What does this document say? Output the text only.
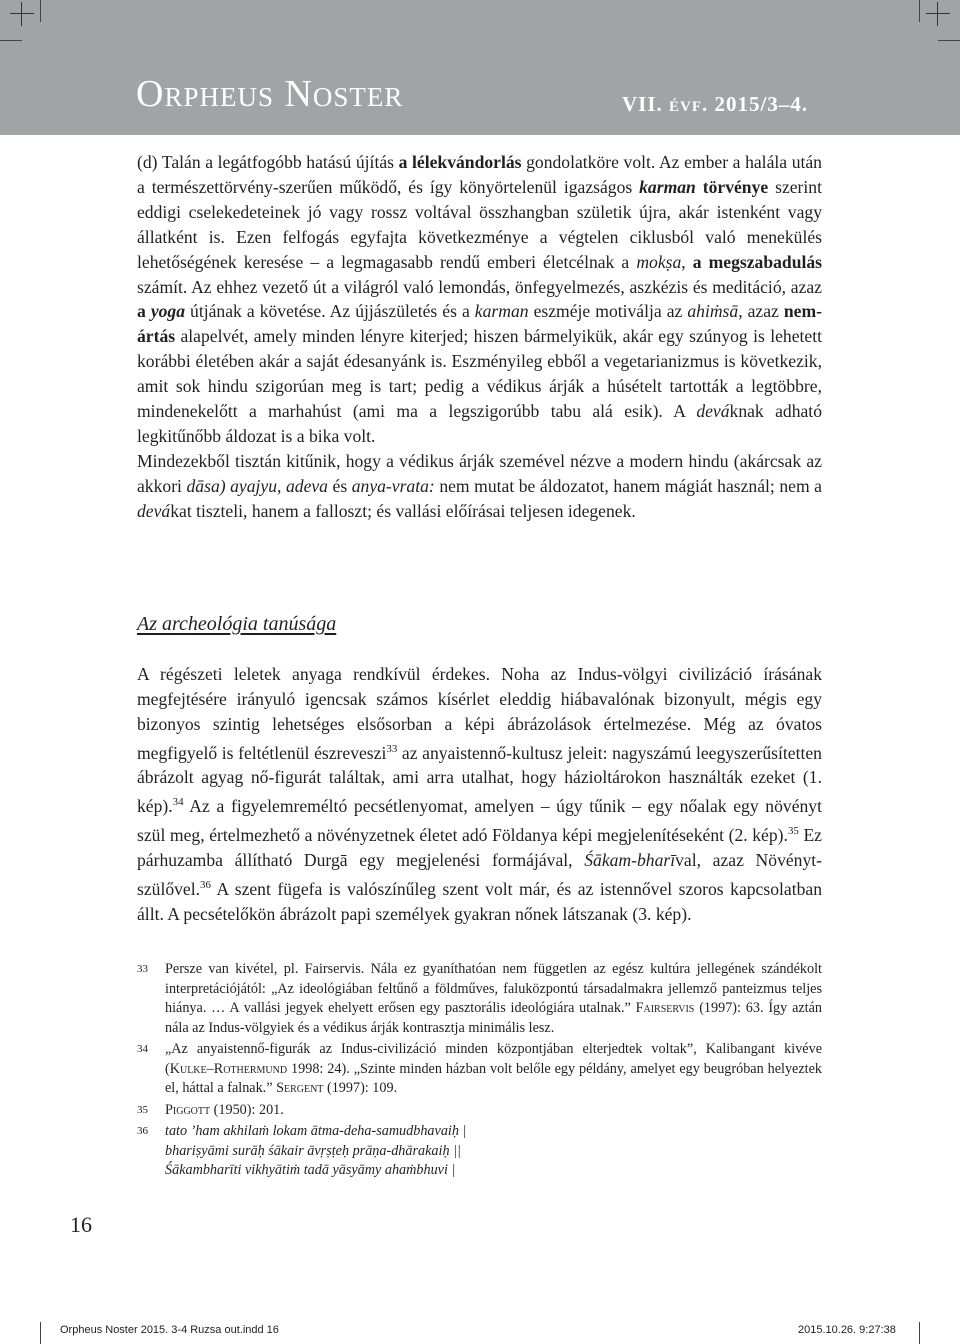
Orpheus Noster	VII. évf. 2015/3–4.

(d) Talán a legátfogóbb hatású újítás a lélekvándorlás gondolatköre volt. Az ember a halála után a természettörvény-szerűen működő, és így könyörtelenül igazságos karman törvénye szerint eddigi cselekedeteinek jó vagy rossz voltával összhangban születik újra, akár istenként vagy állatként is. Ezen felfogás egyfajta következménye a végtelen ciklusból való menekülés lehetőségének keresése – a legmagasabb rendű emberi életcélnak a mokṣa, a megszabadulás számít. Az ehhez vezető út a világról való lemondás, önfegyelmezés, aszkézis és meditáció, azaz a yoga útjának a követése. Az újjászületés és a karman eszméje motiválja az ahiṁsā, azaz nem-ártás alapelvét, amely minden lényre kiterjed; hiszen bármelyikük, akár egy szúnyog is lehetett korábbi életében akár a saját édesanyánk is. Eszményileg ebből a vegetarianizmus is következik, amit sok hindu szigorúan meg is tart; pedig a védikus árják a húsételt tartották a legtöbbre, mindenekelőtt a marhahúst (ami ma a legszigorúbb tabu alá esik). A deváknak adható legkitűnőbb áldozat is a bika volt.

Mindezekből tisztán kitűnik, hogy a védikus árják szemével nézve a modern hindu (akárcsak az akkori dāsa) ayajyu, adeva és anya-vrata: nem mutat be áldozatot, hanem mágiát használ; nem a devákat tiszteli, hanem a falloszt; és vallási előírásai teljesen idegenek.

Az archeológia tanúsága

A régészeti leletek anyaga rendkívül érdekes. Noha az Indus-völgyi civilizáció írásának megfejtésére irányuló igencsak számos kísérlet eleddig hiábavalónak bizonyult, mégis egy bizonyos szintig lehetséges elsősorban a képi ábrázolások értelmezése. Még az óvatos megfigyelő is feltétlenül észreveszi$^{33}$ az anyaistennő-kultusz jeleit: nagyszámú leegyszerűsítetten ábrázolt agyag nő-figurát találtak, ami arra utalhat, hogy házioltárokon használták ezeket (1. kép).$^{34}$ Az a figyelemreméltó pecsétlenyomat, amelyen – úgy tűnik – egy nőalak egy növényt szül meg, értelmezhető a növényzetnek életet adó Földanya képi megjelenítéseként (2. kép).$^{35}$ Ez párhuzamba állítható Durgā egy megjelenési formájával, Śākam-bharīval, azaz Növényt-szülővel.$^{36}$ A szent fügefa is valószínűleg szent volt már, és az istennővel szoros kapcsolatban állt. A pecsételőkön ábrázolt papi személyek gyakran nőnek látszanak (3. kép).

33 Persze van kivétel, pl. Fairservis. Nála ez gyaníthatóan nem független az egész kultúra jellegének szándékolt interpretációjától: „Az ideológiában feltűnő a földműves, faluközpontú társadalmakra jellemző panteizmus teljes hiánya. … A vallási jegyek ehelyett erősen egy pasztorális ideológiára utalnak.” Fairservis (1997): 63. Így aztán nála az Indus-völgyiek és a védikus árják kontrasztja minimális lesz.
34 „Az anyaistennő-figurák az Indus-civilizáció minden központjában elterjedtek voltak”, Kalibangant kivéve (Kulke–Rothermund 1998: 24). „Szinte minden házban volt belőle egy példány, amelyet egy beugróban helyeztek el, háttal a falnak.” Sergent (1997): 109.
35 Piggott (1950): 201.
36 tato ’ham akhilaṁ lokam ātma-deha-samudbhavaiḥ |
bhariṣyāmi surāḥ śākair āvṛṣṭeḥ prāṇa-dhārakaiḥ ||
Śākambharīti vikhyātiṁ tadā yāsyāmy ahaṁbhuvi |
16
Orpheus Noster 2015. 3-4 Ruzsa out.indd 16	2015.10.26. 9:27:38
